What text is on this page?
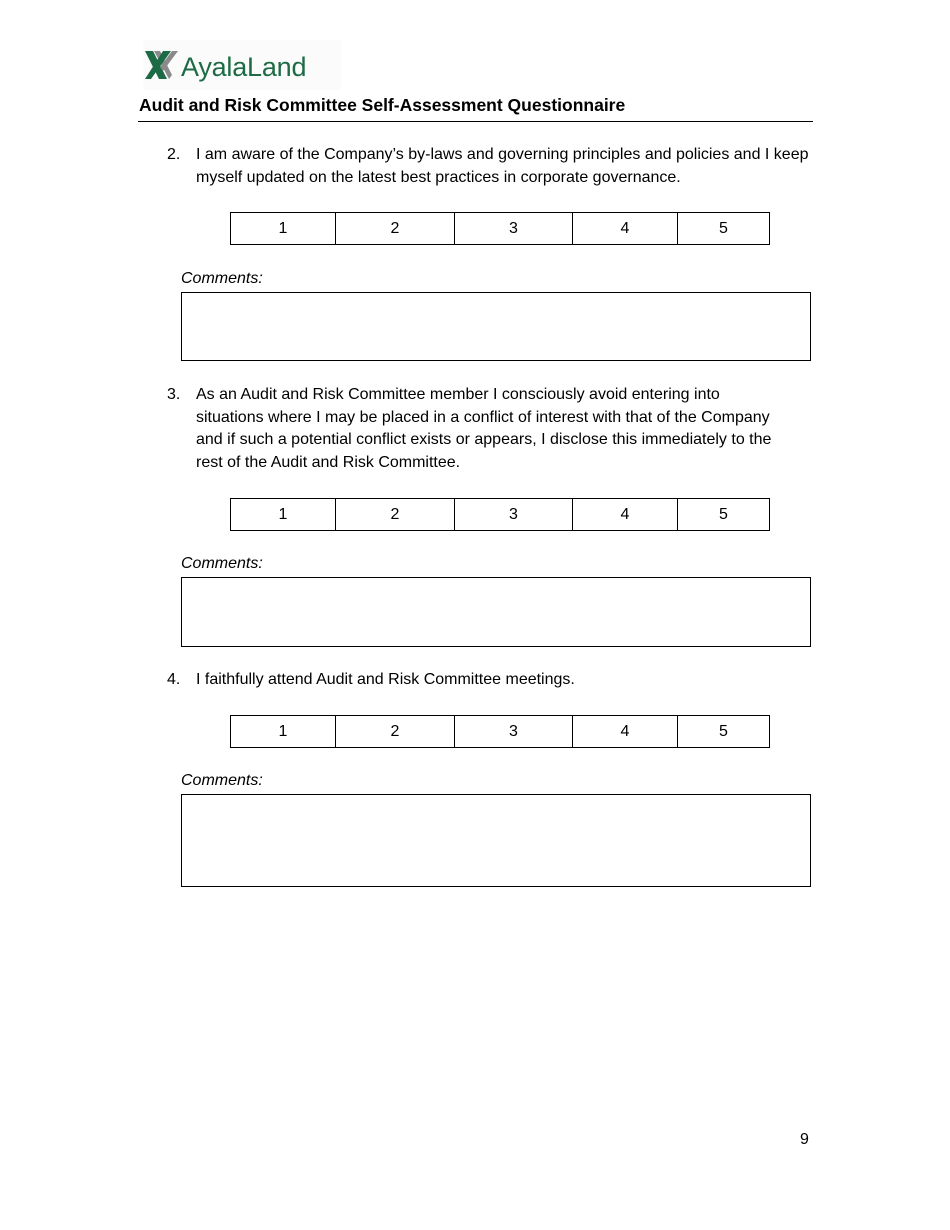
AyalaLand
Audit and Risk Committee Self-Assessment Questionnaire
2. I am aware of the Company’s by-laws and governing principles and policies and I keep myself updated on the latest best practices in corporate governance.
1	2	3	4	5
Comments:
3. As an Audit and Risk Committee member I consciously avoid entering into situations where I may be placed in a conflict of interest with that of the Company and if such a potential conflict exists or appears, I disclose this immediately to the rest of the Audit and Risk Committee.
1	2	3	4	5
Comments:
4. I faithfully attend Audit and Risk Committee meetings.
1	2	3	4	5
Comments:
9
